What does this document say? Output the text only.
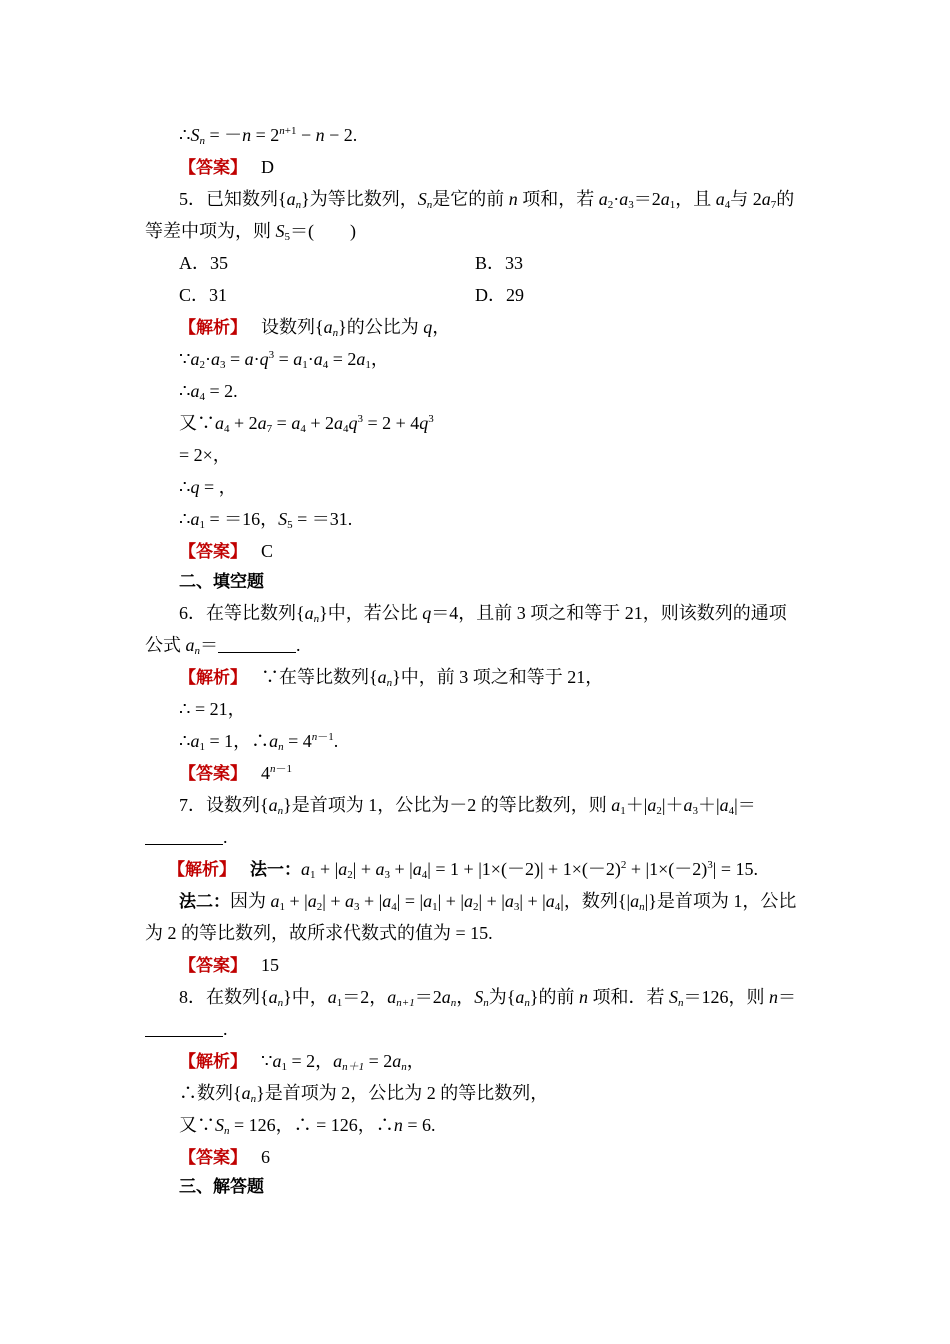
$\therefore S_n = -n = 2^{n+1} - n - 2$.
【答案】 D
5．已知数列$\{a_n\}$为等比数列，$S_n$是它的前 n 项和，若 $a_2\cdot a_3=2a_1$，且 $a_4$与 $2a_7$的
等差中项为，则 $S_5=$(　　)
A．35	B．33
C．31	D．29
【解析】 设数列$\{a_n\}$的公比为 q，
$\because a_2\cdot a_3 = a\cdot q^3 = a_1\cdot a_4 = 2a_1$，
$\therefore a_4 = 2$.
又$\because a_4 + 2a_7 = a_4 + 2a_4q^3 = 2 + 4q^3$
= 2×，
∴q = ，
$\therefore a_1 = =16$，$S_5 = =31$.
【答案】 C
二、填空题
6．在等比数列$\{a_n\}$中，若公比 q＝4，且前 3 项之和等于 21，则该数列的通项
公式 $a_n=$	.
【解析】 ∵在等比数列$\{a_n\}$中，前 3 项之和等于 21，
∴ = 21，
$\therefore a_1 = 1$，$\therefore a_n = 4^{n-1}$.
【答案】 $4^{n-1}$
7．设数列$\{a_n\}$是首项为 1，公比为－2 的等比数列，则 $a_1+|a_2|+a_3+|a_4|=$
.
【解析】 法一：$a_1 + |a_2| + a_3 + |a_4| = 1 + |1\times(-2)| + 1\times(-2)^2 + |1\times(-2)^3| = 15$.
法二：因为 $a_1 + |a_2| + a_3 + |a_4| = |a_1| + |a_2| + |a_3| + |a_4|$，数列$\{|a_n|\}$是首项为 1，公比
为 2 的等比数列，故所求代数式的值为 = 15.
【答案】 15
8．在数列$\{a_n\}$中，$a_1=2$，$a_{n+1}=2a_n$，$S_n$为$\{a_n\}$的前 n 项和．若 $S_n=126$，则 n＝
.
【解析】 $\because a_1 = 2$，$a_{n+1} = 2a_n$，
∴数列$\{a_n\}$是首项为 2，公比为 2 的等比数列，
又$\because S_n = 126$，∴ = 126，∴n = 6.
【答案】 6
三、解答题
